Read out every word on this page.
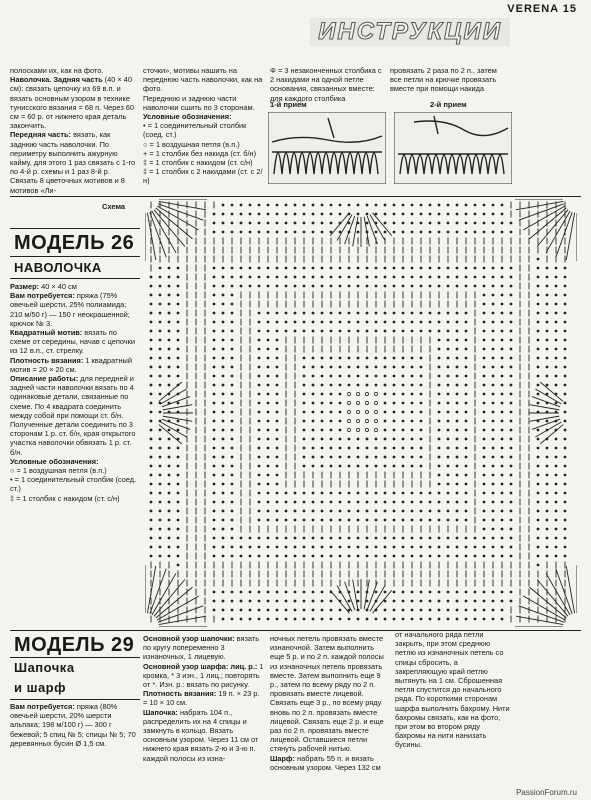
VERENA 15
ИНСТРУКЦИИ

полосками их, как на фото.

Наволочка. Задняя часть (40 × 40 см): связать цепочку из 69 в.п. и вязать основным узором в технике тунисского вязания = 68 п. Через 60 см = 60 р. от нижнего края деталь закончить.

Передняя часть: вязать, как заднюю часть наволочки. По периметру выполнить ажурную кайму, для этого 1 раз связать с 1-го по 4-й р. схемы и 1 раз 8-й р. Связать 8 цветочных мотивов и 8 мотивов «Ли-

сточки», мотивы нашить на переднюю часть наволочки, как на фото.

Переднюю и заднюю части наволочки сшить по 3 сторонам.

Условные обозначения:

• = 1 соединительный столбик (соед. ст.)

○ = 1 воздушная петля (в.п.)

+ = 1 столбик без накида (ст. б/н)

‡ = 1 столбик с накидом (ст. с/н)

‡ = 1 столбик с 2 накидами (ст. с 2/н)

Φ = 3 незаконченных столбика с 2 накидами на одной петле основания, связанных вместе: для каждого столбика

провязать 2 раза по 2 п., затем все петли на крючке провязать вместе при помощи накида

1-й прием	2-й прием
Схема
МОДЕЛЬ 26
НАВОЛОЧКА

Размер: 40 × 40 см

Вам потребуется: пряжа (75% овечьей шерсти, 25% полиамида; 210 м/50 г) — 150 г неокрашенной; крючок № 3.

Квадратный мотив: вязать по схеме от середины, начав с цепочки из 12 в.п., ст. стрелку.

Плотность вязания: 1 квадратный мотив = 20 × 20 см.

Описание работы: для передней и задней части наволочки вязать по 4 одинаковые детали, связанные по схеме. По 4 квадрата соединить между собой при помощи ст. б/н. Полученные детали соединить по 3 сторонам 1 р. ст. б/н, края открытого участка наволочки обвязать 1 р. ст. б/н.

Условные обозначения:

○ = 1 воздушная петля (в.п.)

• = 1 соединительный столбик (соед. ст.)

‡ = 1 столбик с накидом (ст. с/н)

МОДЕЛЬ 29
Шапочка
и шарф

Вам потребуется: пряжа (80% овечьей шерсти, 20% шерсти альпака; 198 м/100 г) — 300 г бежевой; 5 спиц № 5; спицы № 5; 70 деревянных бусин Ø 1,5 см.

Основной узор шапочки: вязать по кругу попеременно 3 изнаночных, 1 лицевую.

Основной узор шарфа: лиц. р.: 1 кромка, * 3 изн., 1 лиц.; повторять от *. Изн. р.: вязать по рисунку.

Плотность вязания: 19 п. × 23 р. = 10 × 10 см.

Шапочка: набрать 104 п., распределить их на 4 спицы и замкнуть в кольцо. Вязать основным узором. Через 11 см от нижнего края вязать 2-ю и 3-ю п. каждой полосы из изна-

ночных петель провязать вместе изнаночной. Затем выполнить еще 5 р. и по 2 п. каждой полосы из изнаночных петель провязать вместе. Затем выполнить еще 9 р., затем по всему ряду по 2 п. провязать вместе лицевой. Связать еще 3 р., по всему ряду вновь по 2 п. провязать вместе лицевой. Связать еще 2 р. и еще раз по 2 п. провязать вместе лицевой. Оставшиеся петли стянуть рабочей нитью.

Шарф: набрать 55 п. и вязать основным узором. Через 132 см

от начального ряда петли закрыть, при этом среднюю петлю из изнаночных петель со спицы сбросить, а закрепляющую край петлю вытянуть на 1 см. Сброшенная петля спустится до начального ряда. По короткими сторонам шарфа выполнить бахрому. Нити бахромы связать, как на фото, при этом во втором ряду бахромы на нити нанизать бусины.

PassionForum.ru
